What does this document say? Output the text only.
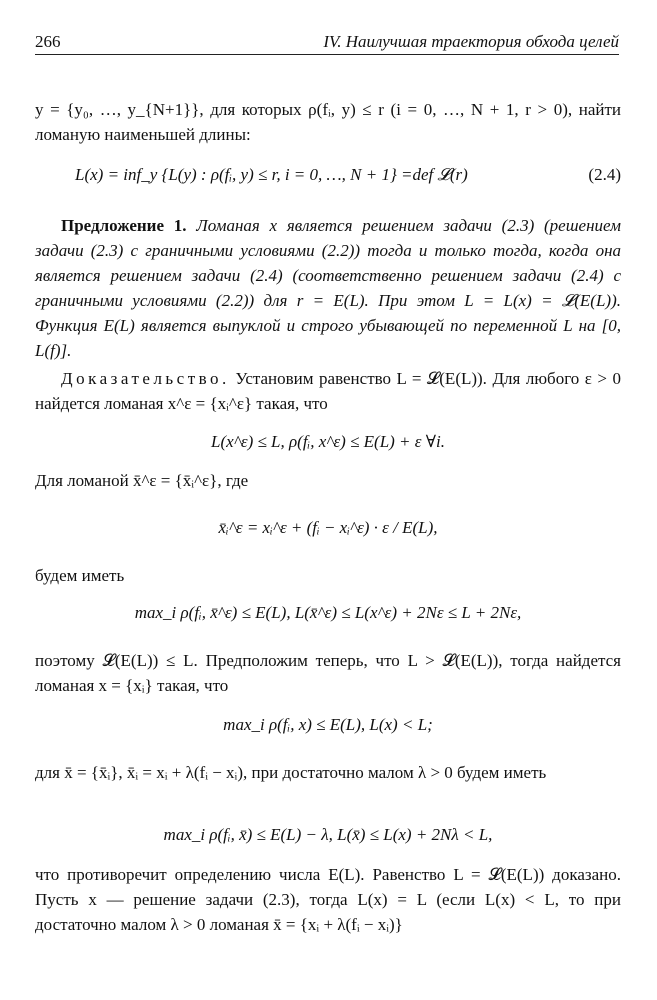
266	IV. Наилучшая траектория обхода целей
y = {y₀, …, y_{N+1}}, для которых ρ(fᵢ, y) ≤ r (i = 0, …, N + 1, r > 0), найти ломаную наименьшей длины:
L(x) = inf_y {L(y) : ρ(fᵢ, y) ≤ r, i = 0, …, N + 1} =def 𝓛(r)	(2.4)
Предложение 1. Ломаная x является решением задачи (2.3) (решением задачи (2.3) с граничными условиями (2.2)) тогда и только тогда, когда она является решением задачи (2.4) (соответственно решением задачи (2.4) с граничными условиями (2.2)) для r = E(L). При этом L = L(x) = 𝓛(E(L)). Функция E(L) является выпуклой и строго убывающей по переменной L на [0, L(f)].
Доказательство. Установим равенство L = 𝓛(E(L)). Для любого ε > 0 найдется ломаная x^ε = {xᵢ^ε} такая, что
L(x^ε) ≤ L, ρ(fᵢ, x^ε) ≤ E(L) + ε ∀i.
Для ломаной x̄^ε = {x̄ᵢ^ε}, где
x̄ᵢ^ε = xᵢ^ε + (fᵢ − xᵢ^ε) · ε / E(L),
будем иметь
max_i ρ(fᵢ, x̄^ε) ≤ E(L), L(x̄^ε) ≤ L(x^ε) + 2Nε ≤ L + 2Nε,
поэтому 𝓛(E(L)) ≤ L. Предположим теперь, что L > 𝓛(E(L)), тогда найдется ломаная x = {xᵢ} такая, что
max_i ρ(fᵢ, x) ≤ E(L), L(x) < L;
для x̄ = {x̄ᵢ}, x̄ᵢ = xᵢ + λ(fᵢ − xᵢ), при достаточно малом λ > 0 будем иметь
max_i ρ(fᵢ, x̄) ≤ E(L) − λ, L(x̄) ≤ L(x) + 2Nλ < L,
что противоречит определению числа E(L). Равенство L = 𝓛(E(L)) доказано. Пусть x — решение задачи (2.3), тогда L(x) = L (если L(x) < L, то при достаточно малом λ > 0 ломаная x̄ = {xᵢ + λ(fᵢ − xᵢ)}
